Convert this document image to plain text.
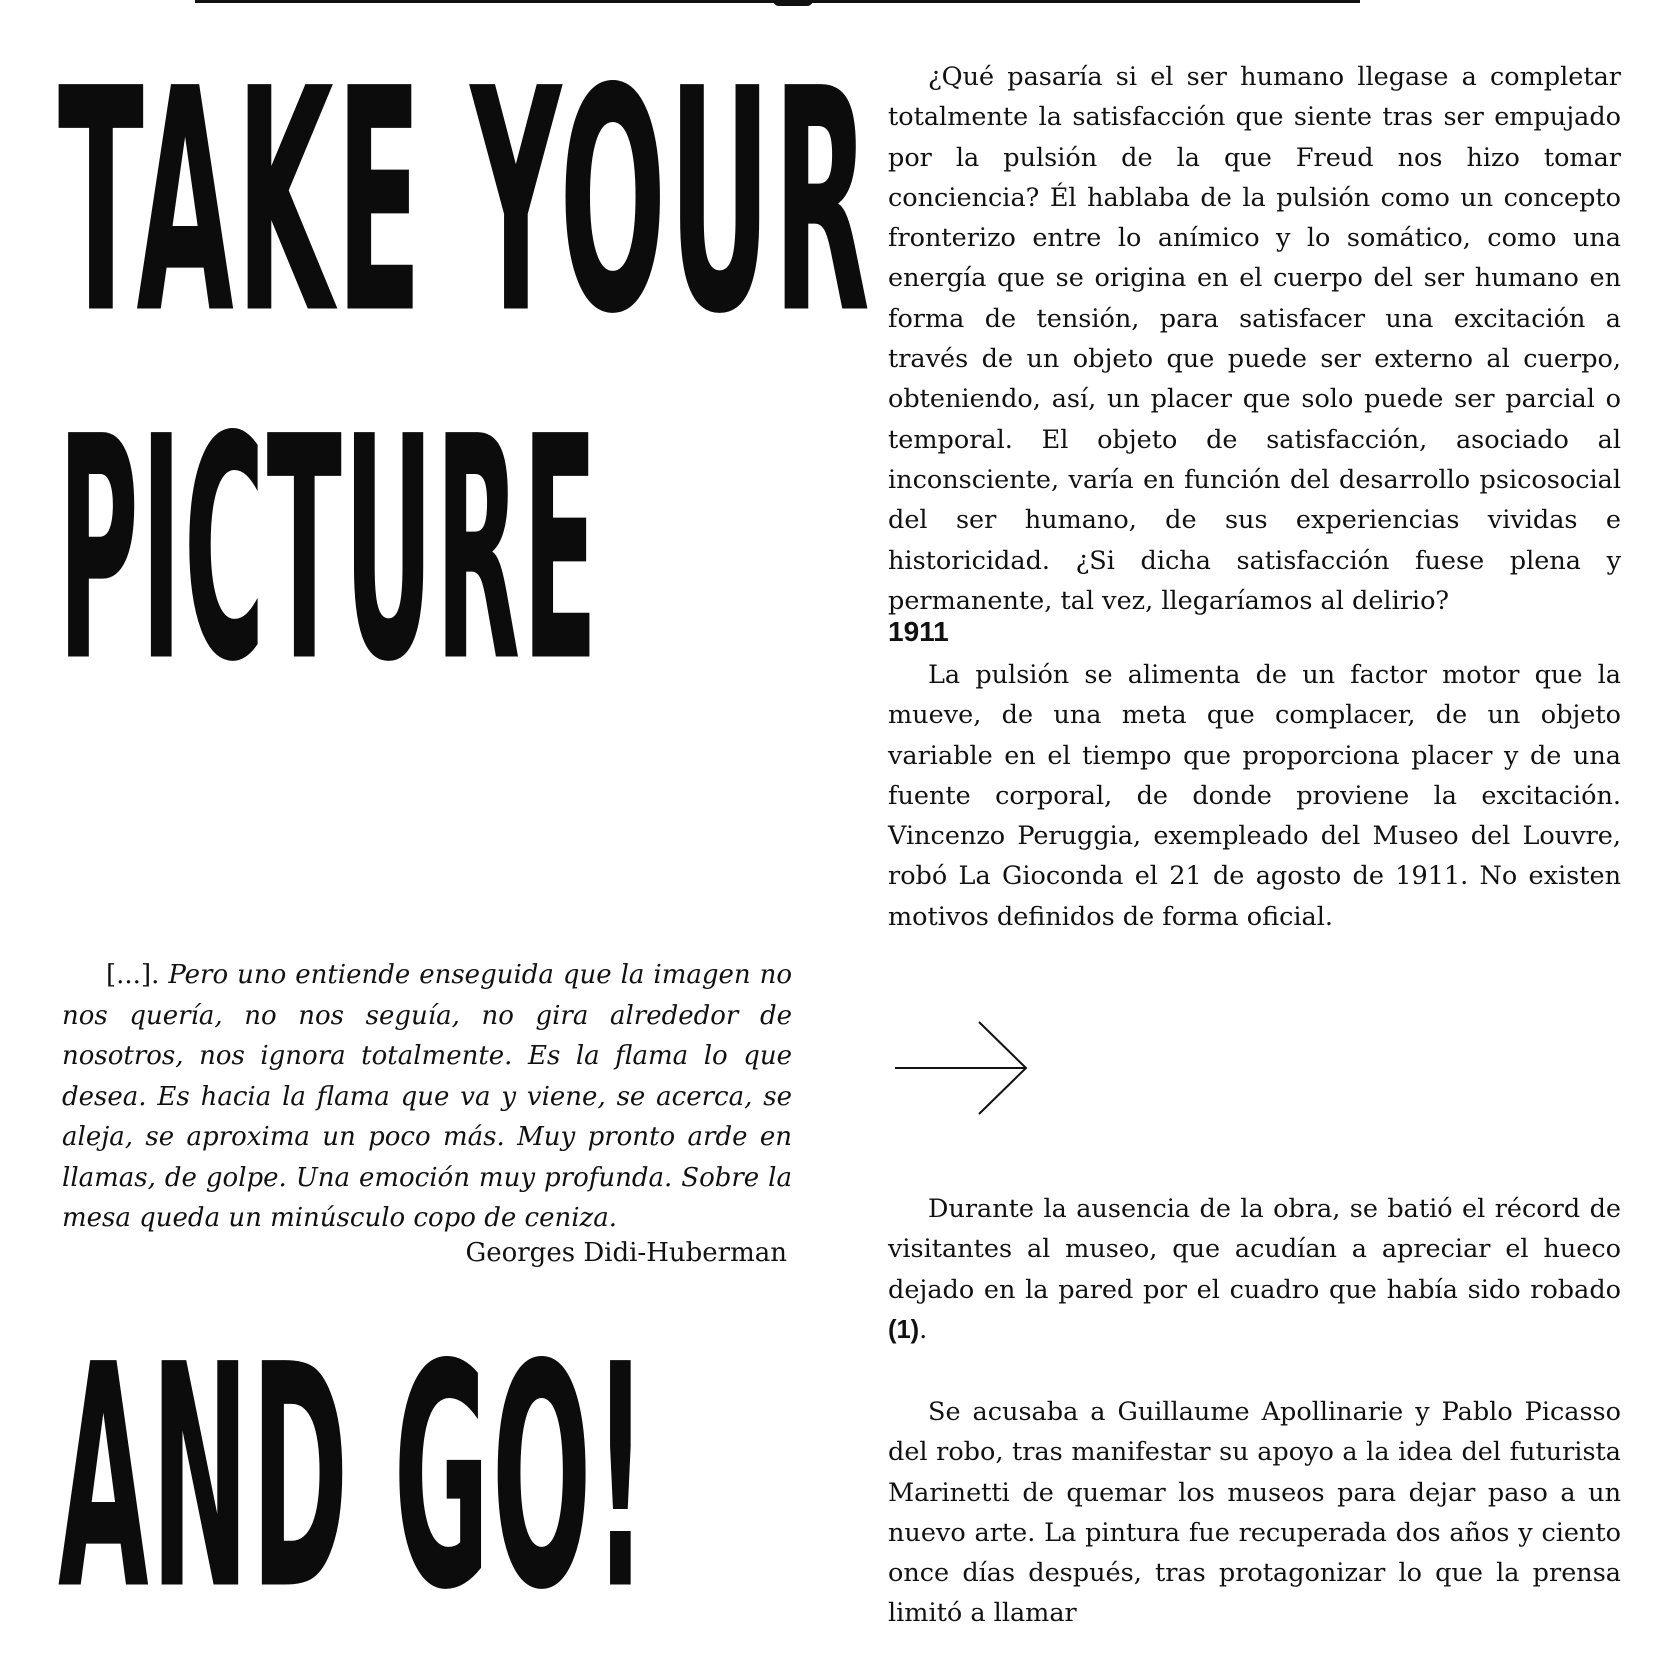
TAKE YOUR
PICTURE

[...]. Pero uno entiende enseguida que la imagen no nos quería, no nos seguía, no gira alrededor de nosotros, nos ignora totalmente. Es la flama lo que desea. Es hacia la flama que va y viene, se acerca, se aleja, se aproxima un poco más. Muy pronto arde en llamas, de golpe. Una emoción muy profunda. Sobre la mesa queda un minúsculo copo de ceniza.

Georges Didi-Huberman

AND GO!

¿Qué pasaría si el ser humano llegase a completar totalmente la satisfacción que siente tras ser empujado por la pulsión de la que Freud nos hizo tomar conciencia? Él hablaba de la pulsión como un concepto fronterizo entre lo anímico y lo somático, como una energía que se origina en el cuerpo del ser humano en forma de tensión, para satisfacer una excitación a través de un objeto que puede ser externo al cuerpo, obteniendo, así, un placer que solo puede ser parcial o temporal. El objeto de satisfacción, asociado al inconsciente, varía en función del desarrollo psicosocial del ser humano, de sus experiencias vividas e historicidad. ¿Si dicha satisfacción fuese plena y permanente, tal vez, llegaríamos al delirio?

1911

La pulsión se alimenta de un factor motor que la mueve, de una meta que complacer, de un objeto variable en el tiempo que proporciona placer y de una fuente corporal, de donde proviene la excitación. Vincenzo Peruggia, exempleado del Museo del Louvre, robó La Gioconda el 21 de agosto de 1911. No existen motivos definidos de forma oficial.

Durante la ausencia de la obra, se batió el récord de visitantes al museo, que acudían a apreciar el hueco dejado en la pared por el cuadro que había sido robado (1).

Se acusaba a Guillaume Apollinarie y Pablo Picasso del robo, tras manifestar su apoyo a la idea del futurista Marinetti de quemar los museos para dejar paso a un nuevo arte. La pintura fue recuperada dos años y ciento once días después, tras protagonizar lo que la prensa limitó a llamar
